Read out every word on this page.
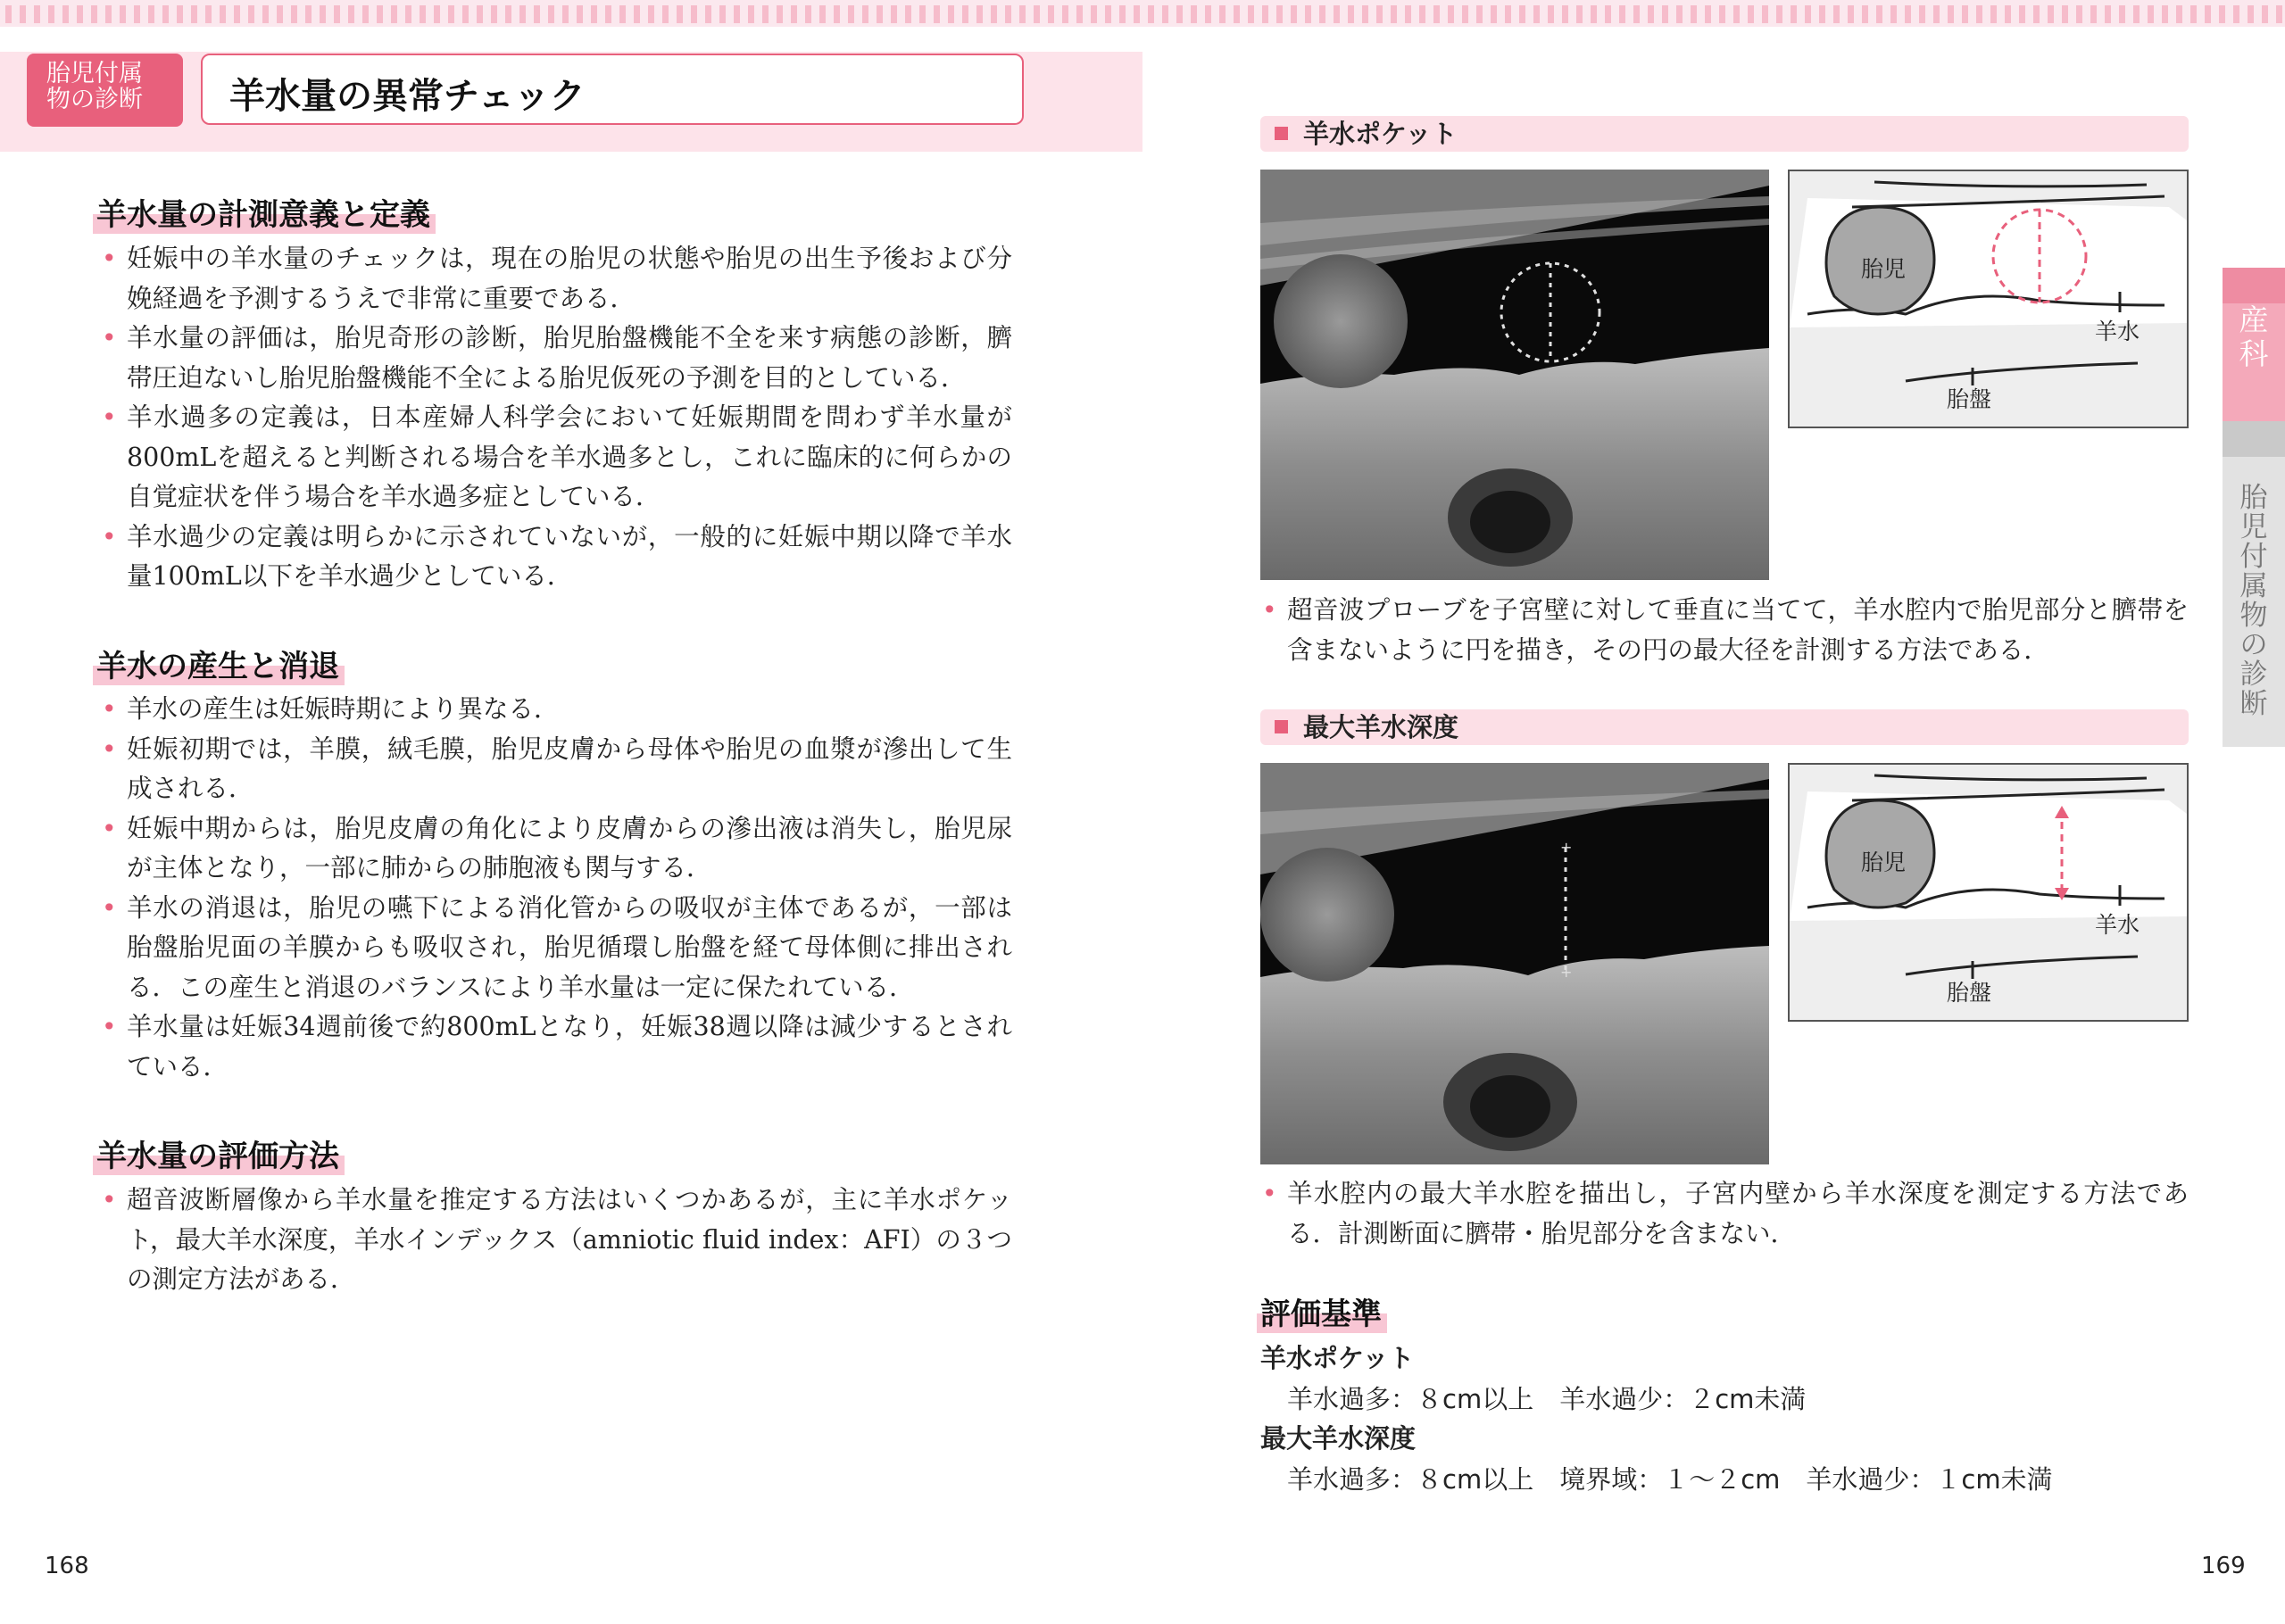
胎児付属
物の診断	羊水量の異常チェック
羊水量の計測意義と定義
• 妊娠中の羊水量のチェックは，現在の胎児の状態や胎児の出生予後および分娩経過を予測するうえで非常に重要である．
• 羊水量の評価は，胎児奇形の診断，胎児胎盤機能不全を来す病態の診断，臍帯圧迫ないし胎児胎盤機能不全による胎児仮死の予測を目的としている．
• 羊水過多の定義は，日本産婦人科学会において妊娠期間を問わず羊水量が800mLを超えると判断される場合を羊水過多とし，これに臨床的に何らかの自覚症状を伴う場合を羊水過多症としている．
• 羊水過少の定義は明らかに示されていないが，一般的に妊娠中期以降で羊水量100mL以下を羊水過少としている．
羊水の産生と消退
• 羊水の産生は妊娠時期により異なる．
• 妊娠初期では，羊膜，絨毛膜，胎児皮膚から母体や胎児の血漿が滲出して生成される．
• 妊娠中期からは，胎児皮膚の角化により皮膚からの滲出液は消失し，胎児尿が主体となり，一部に肺からの肺胞液も関与する．
• 羊水の消退は，胎児の嚥下による消化管からの吸収が主体であるが，一部は胎盤胎児面の羊膜からも吸収され，胎児循環し胎盤を経て母体側に排出される．この産生と消退のバランスにより羊水量は一定に保たれている．
• 羊水量は妊娠34週前後で約800mLとなり，妊娠38週以降は減少するとされている．
羊水量の評価方法
• 超音波断層像から羊水量を推定する方法はいくつかあるが，主に羊水ポケット，最大羊水深度，羊水インデックス（amniotic fluid index：AFI）の３つの測定方法がある．
168
羊水ポケット
胎児
羊水
胎盤
• 超音波プローブを子宮壁に対して垂直に当てて，羊水腔内で胎児部分と臍帯を含まないように円を描き，その円の最大径を計測する方法である．
最大羊水深度
+
+
胎児
羊水
胎盤
• 羊水腔内の最大羊水腔を描出し，子宮内壁から羊水深度を測定する方法である．計測断面に臍帯・胎児部分を含まない．
評価基準
羊水ポケット
羊水過多：８cm以上　羊水過少：２cm未満
最大羊水深度
羊水過多：８cm以上　境界域：１～２cm　羊水過少：１cm未満
169
産
科
胎
児
付
属
物
の
診
断
